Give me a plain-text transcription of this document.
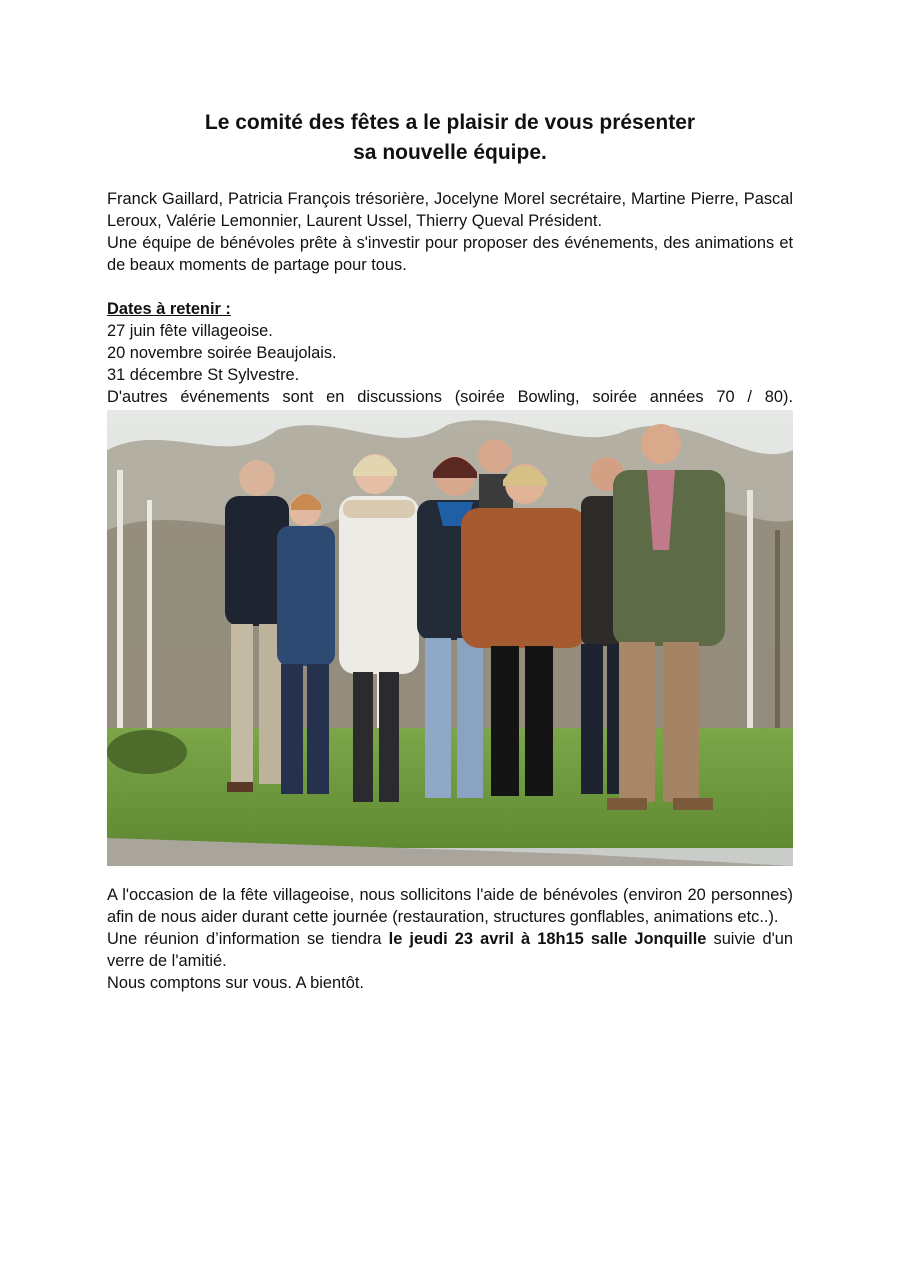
Le comité des fêtes a le plaisir de vous présenter
sa nouvelle équipe.
Franck Gaillard, Patricia François trésorière, Jocelyne Morel secrétaire, Martine Pierre, Pascal Leroux, Valérie Lemonnier, Laurent Ussel, Thierry Queval Président.
Une équipe de bénévoles prête à s'investir pour proposer des événements, des animations et de beaux moments de partage pour tous.
Dates à retenir :
27 juin fête villageoise.
20 novembre soirée Beaujolais.
31 décembre St Sylvestre.
D'autres événements sont en discussions (soirée Bowling, soirée années 70 / 80).
A l'occasion de la fête villageoise, nous sollicitons l'aide de bénévoles (environ 20 personnes) afin de nous aider durant cette journée (restauration, structures gonflables, animations etc..).
Une réunion d’information se tiendra le jeudi 23 avril à 18h15 salle Jonquille suivie d'un verre de l'amitié.
Nous comptons sur vous. A bientôt.
